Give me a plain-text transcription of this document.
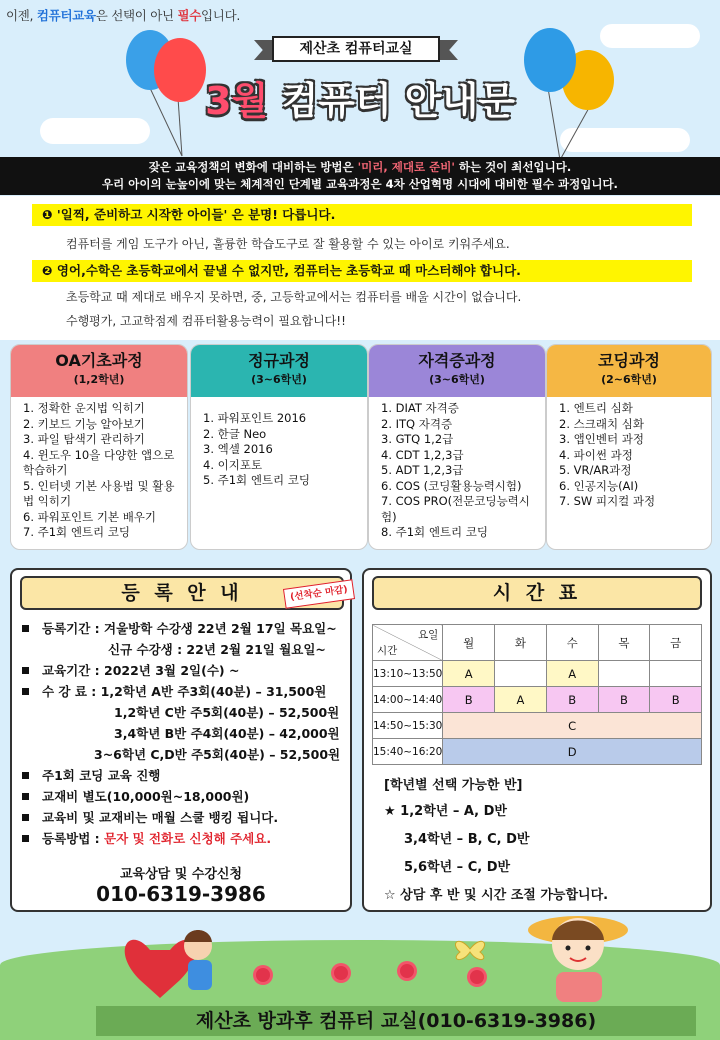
이젠, 컴퓨터교육은 선택이 아닌 필수입니다.
제산초 컴퓨터교실
3월 컴퓨터 안내문
잦은 교육정책의 변화에 대비하는 방법은 '미리, 제대로 준비' 하는 것이 최선입니다.
우리 아이의 눈높이에 맞는 체계적인 단계별 교육과정은 4차 산업혁명 시대에 대비한 필수 과정입니다.
❶ '일찍, 준비하고 시작한 아이들' 은 분명! 다릅니다.
컴퓨터를 게임 도구가 아닌, 훌륭한 학습도구로 잘 활용할 수 있는 아이로 키워주세요.
❷ 영어,수학은 초등학교에서 끝낼 수 없지만, 컴퓨터는 초등학교 때 마스터해야 합니다.
초등학교 때 제대로 배우지 못하면, 중, 고등학교에서는 컴퓨터를 배울 시간이 없습니다.
수행평가, 고교학점제 컴퓨터활용능력이 필요합니다!!
OA기초과정
(1,2학년)
1. 정확한 운지법 익히기
2. 키보드 기능 알아보기
3. 파일 탐색기 관리하기
4. 윈도우 10을 다양한 앱으로 학습하기
5. 인터넷 기본 사용법 및 활용법 익히기
6. 파워포인트 기본 배우기
7. 주1회 엔트리 코딩
정규과정
(3~6학년)
1. 파워포인트 2016
2. 한글 Neo
3. 엑셀 2016
4. 이지포토
5. 주1회 엔트리 코딩
자격증과정
(3~6학년)
1. DIAT 자격증
2. ITQ 자격증
3. GTQ 1,2급
4. CDT 1,2,3급
5. ADT 1,2,3급
6. COS (코딩활용능력시험)
7. COS PRO(전문코딩능력시험)
8. 주1회 엔트리 코딩
코딩과정
(2~6학년)
1. 엔트리 심화
2. 스크래치 심화
3. 앱인벤터 과정
4. 파이썬 과정
5. VR/AR과정
6. 인공지능(AI)
7. SW 피지컬 과정
등 록 안 내	(선착순 마감)
등록기간 : 겨울방학 수강생 22년 2월 17일 목요일~
신규 수강생 : 22년 2월 21일 월요일~
교육기간 : 2022년 3월 2일(수) ~
수 강 료 : 1,2학년 A반 주3회(40분) – 31,500원
1,2학년 C반 주5회(40분) – 52,500원
3,4학년 B반 주4회(40분) – 42,000원
3~6학년 C,D반 주5회(40분) – 52,500원
주1회 코딩 교육 진행
교재비 별도(10,000원~18,000원)
교육비 및 교재비는 매월 스쿨 뱅킹 됩니다.
등록방법 : 문자 및 전화로 신청해 주세요.
교육상담 및 수강신청
010-6319-3986
시 간 표
요일
시간	월	화	수	목	금
13:10~13:50	A		A		
14:00~14:40	B	A	B	B	B
14:50~15:30	C				
15:40~16:20	D				
[학년별 선택 가능한 반]
★ 1,2학년 – A, D반
3,4학년 – B, C, D반
5,6학년 – C, D반
☆ 상담 후 반 및 시간 조절 가능합니다.
제산초 방과후 컴퓨터 교실(010-6319-3986)
